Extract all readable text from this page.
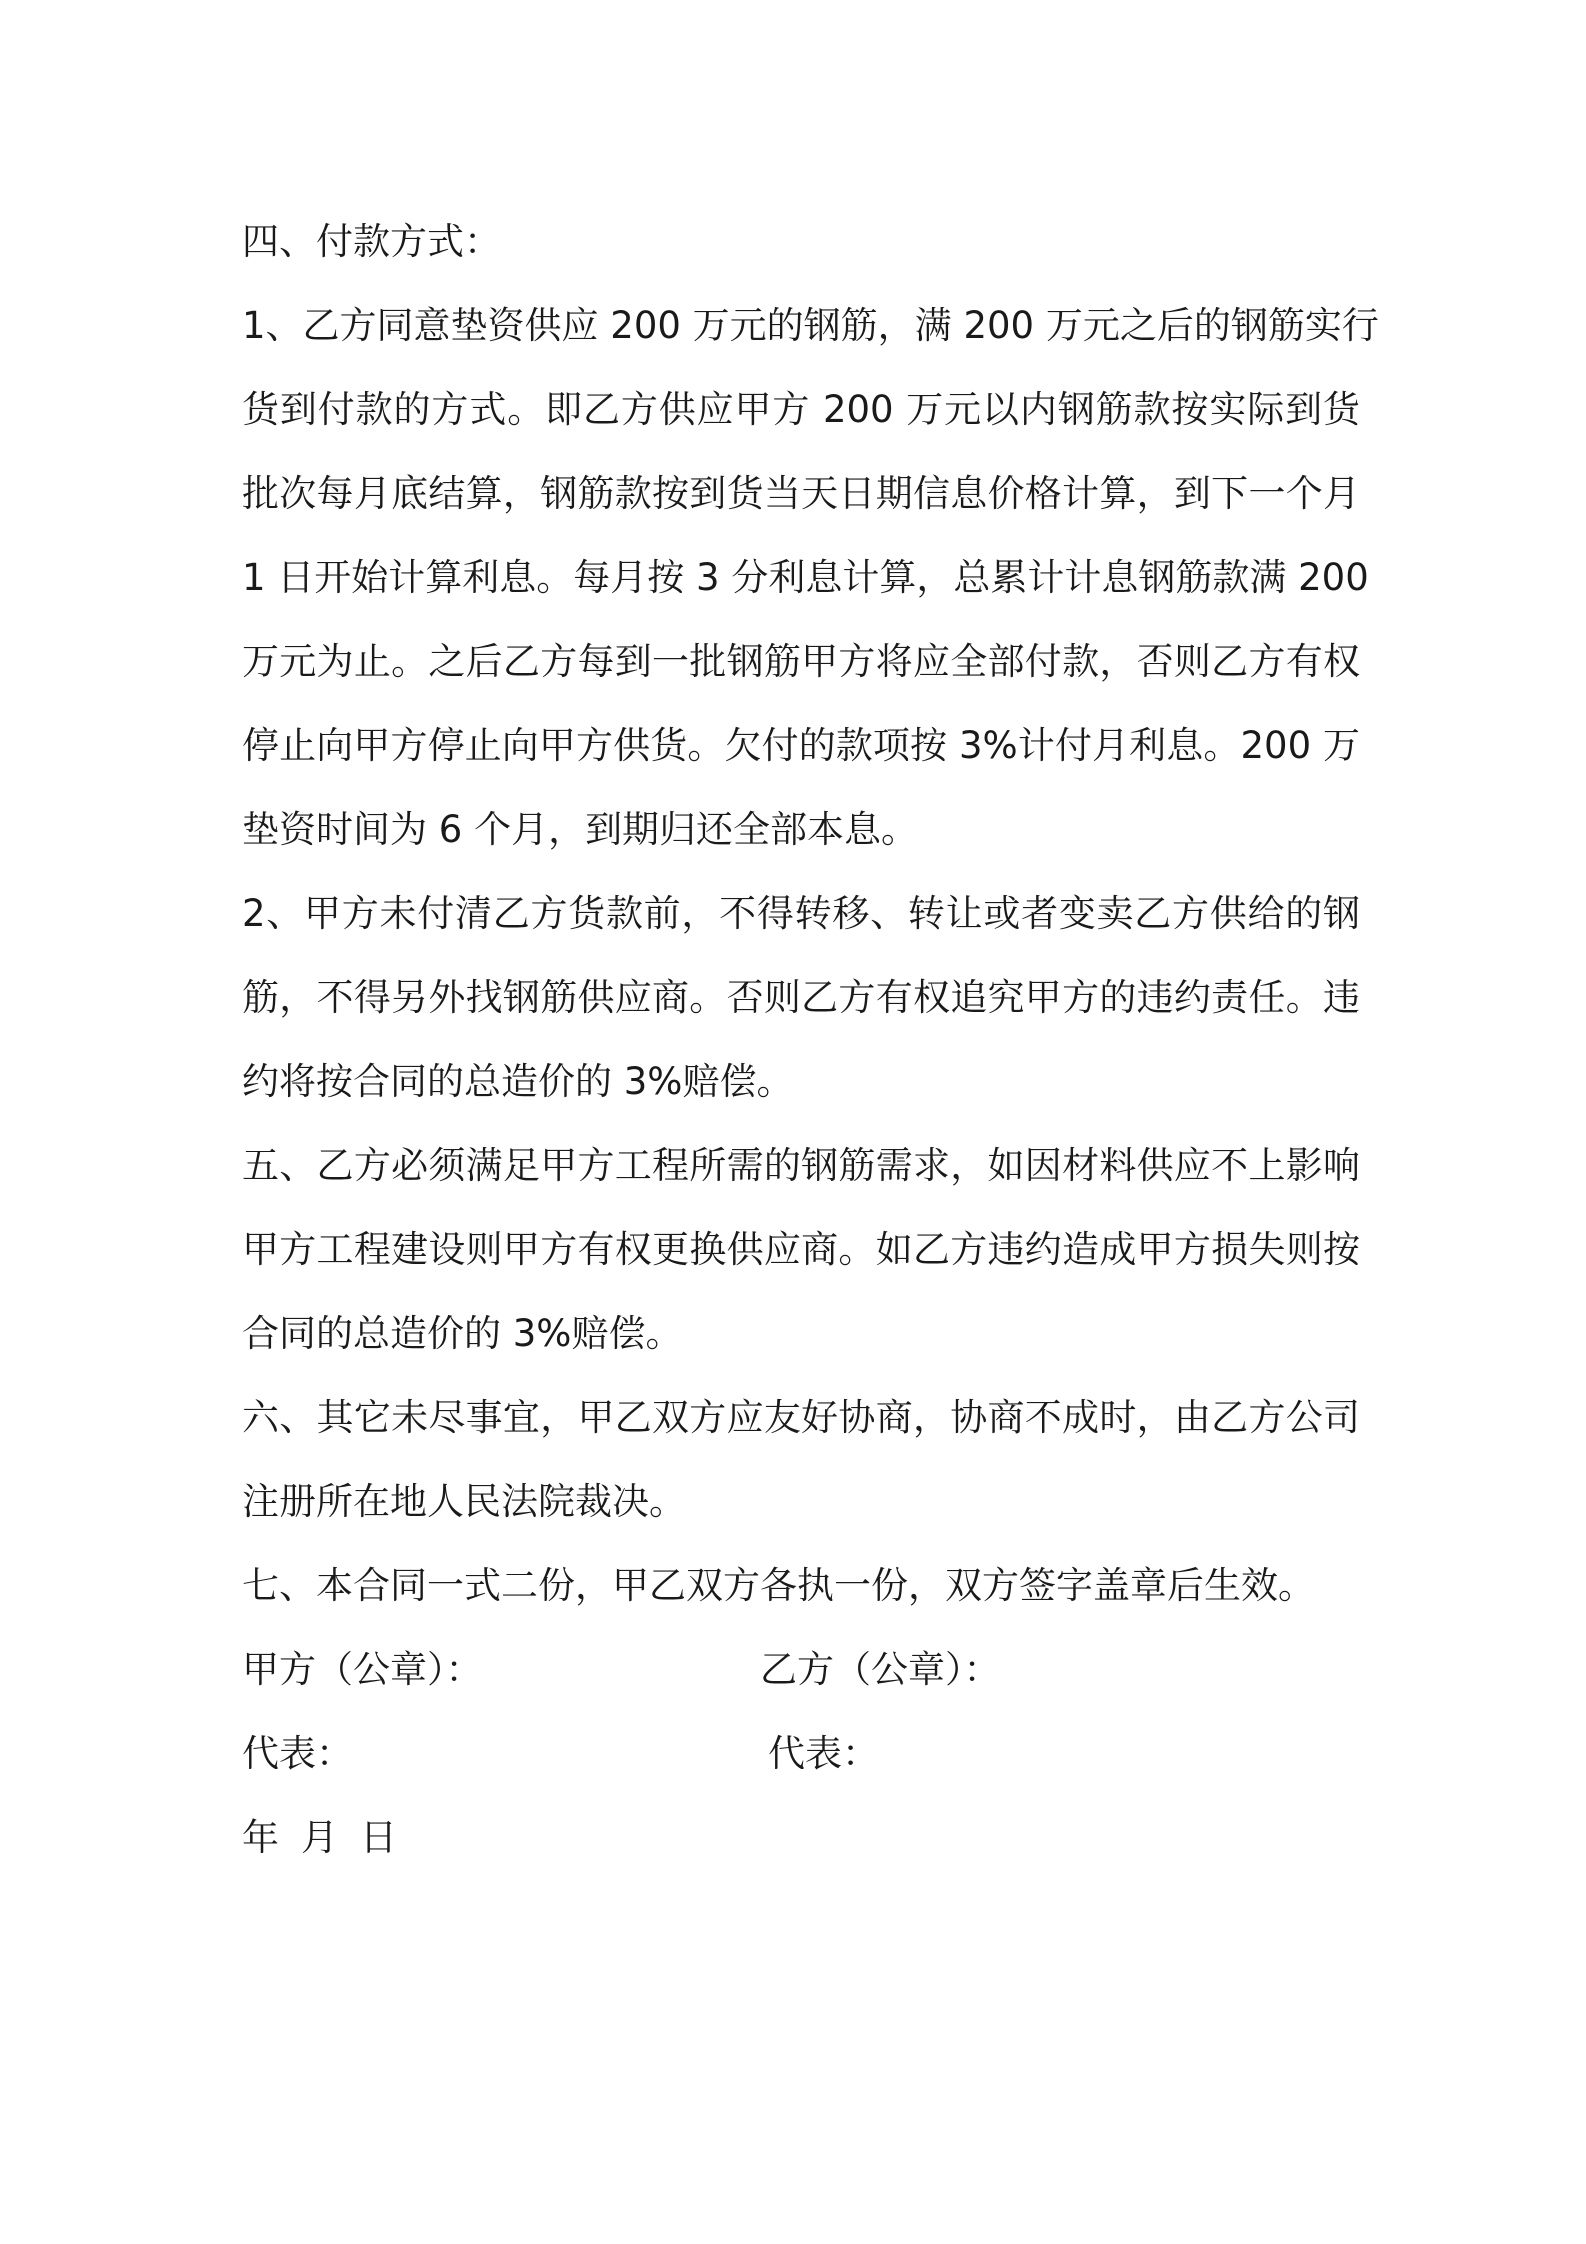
四、付款方式：
1、乙方同意垫资供应 200 万元的钢筋，满 200 万元之后的钢筋实行
货到付款的方式。即乙方供应甲方 200 万元以内钢筋款按实际到货
批次每月底结算，钢筋款按到货当天日期信息价格计算，到下一个月
1 日开始计算利息。每月按 3 分利息计算，总累计计息钢筋款满 200
万元为止。之后乙方每到一批钢筋甲方将应全部付款，否则乙方有权
停止向甲方停止向甲方供货。欠付的款项按 3%计付月利息。200 万
垫资时间为 6 个月，到期归还全部本息。
2、甲方未付清乙方货款前，不得转移、转让或者变卖乙方供给的钢
筋，不得另外找钢筋供应商。否则乙方有权追究甲方的违约责任。违
约将按合同的总造价的 3%赔偿。
五、乙方必须满足甲方工程所需的钢筋需求，如因材料供应不上影响
甲方工程建设则甲方有权更换供应商。如乙方违约造成甲方损失则按
合同的总造价的 3%赔偿。
六、其它未尽事宜，甲乙双方应友好协商，协商不成时，由乙方公司
注册所在地人民法院裁决。
七、本合同一式二份，甲乙双方各执一份，双方签字盖章后生效。
甲方（公章）：	乙方（公章）：
代表：	代表：
年 月 日
